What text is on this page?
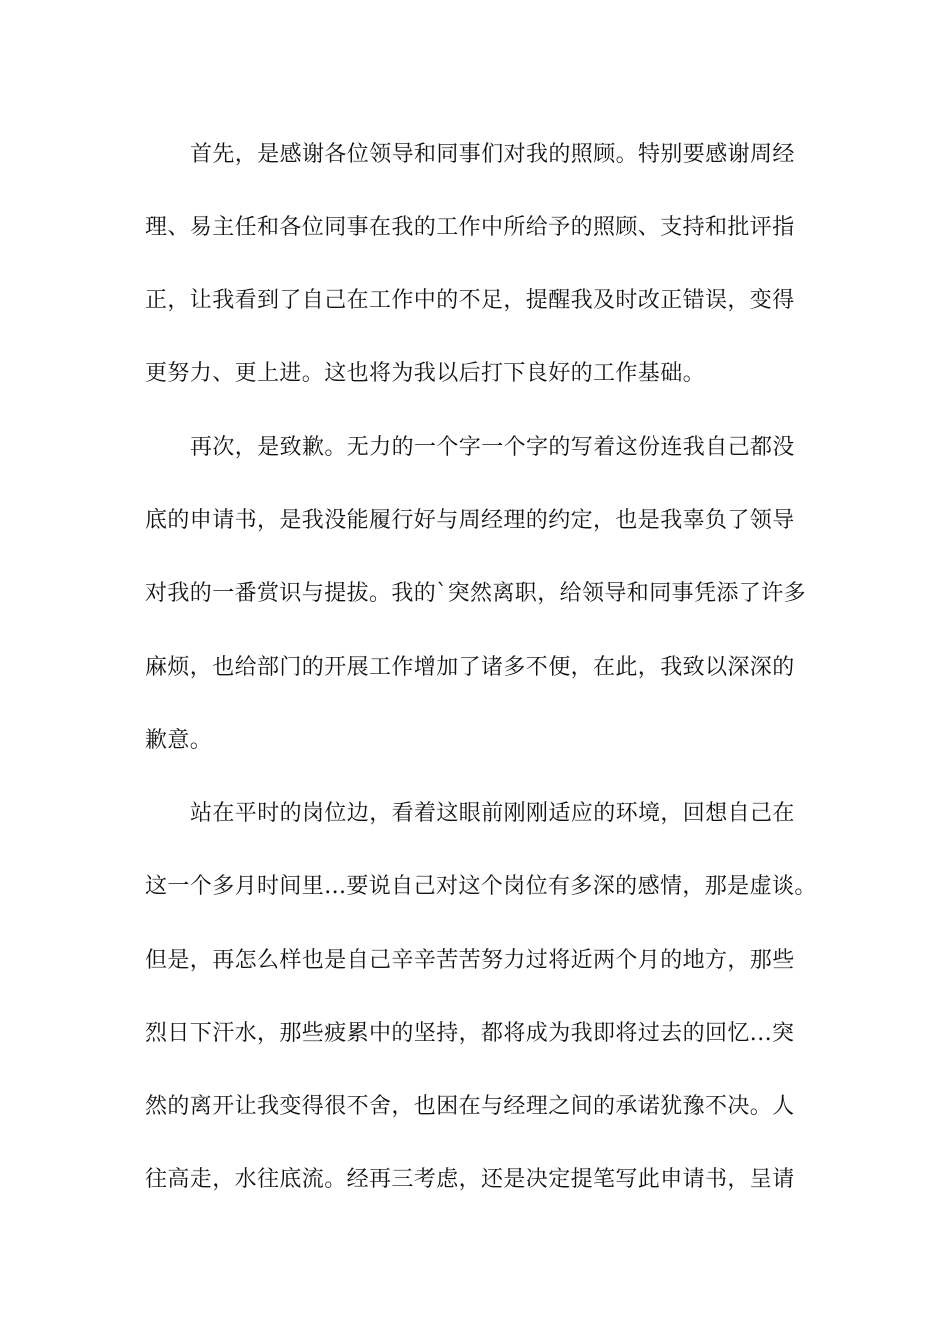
首先，是感谢各位领导和同事们对我的照顾。特别要感谢周经
理、易主任和各位同事在我的工作中所给予的照顾、支持和批评指
正，让我看到了自己在工作中的不足，提醒我及时改正错误，变得
更努力、更上进。这也将为我以后打下良好的工作基础。
再次，是致歉。无力的一个字一个字的写着这份连我自己都没
底的申请书，是我没能履行好与周经理的约定，也是我辜负了领导
对我的一番赏识与提拔。我的`突然离职，给领导和同事凭添了许多
麻烦，也给部门的开展工作增加了诸多不便，在此，我致以深深的
歉意。
站在平时的岗位边，看着这眼前刚刚适应的环境，回想自己在
这一个多月时间里...要说自己对这个岗位有多深的感情，那是虚谈。
但是，再怎么样也是自己辛辛苦苦努力过将近两个月的地方，那些
烈日下汗水，那些疲累中的坚持，都将成为我即将过去的回忆...突
然的离开让我变得很不舍，也困在与经理之间的承诺犹豫不决。人
往高走，水往底流。经再三考虑，还是决定提笔写此申请书，呈请
